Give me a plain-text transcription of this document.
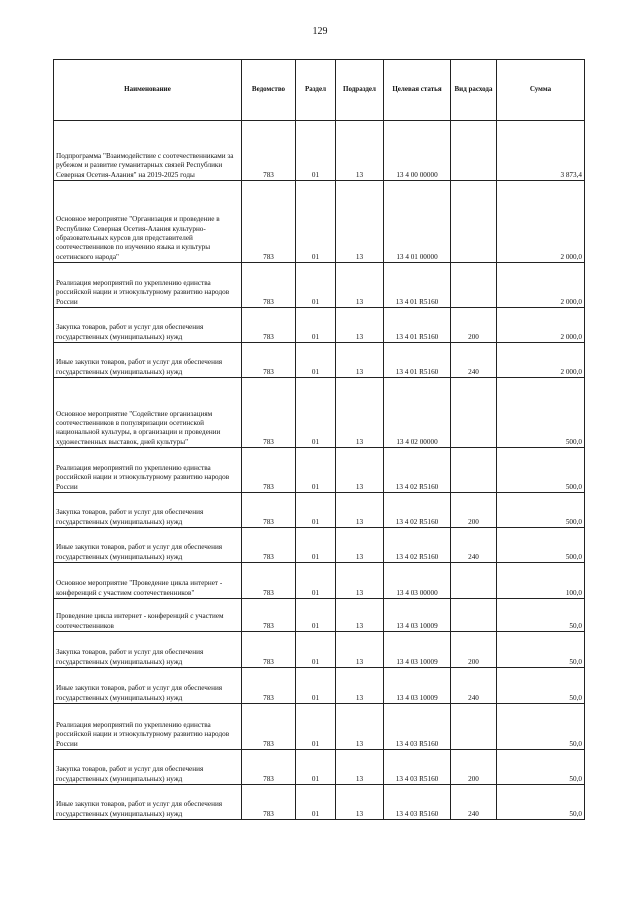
129
Наименование	Ведомство	Раздел	Подраздел	Целевая статья	Вид расхода	Сумма
Подпрограмма "Взаимодействие с соотечественниками за рубежом и развитие гуманитарных связей Республики Северная Осетия-Алания" на 2019-2025 годы	783	01	13	13 4 00 00000		3 873,4
Основное мероприятие "Организация и проведение в Республике Северная Осетия-Алания культурно-образовательных курсов для представителей соотечественников по изучению языка и культуры осетинского народа"	783	01	13	13 4 01 00000		2 000,0
Реализация мероприятий по укреплению единства российской нации и этнокультурному развитию народов России	783	01	13	13 4 01 R5160		2 000,0
Закупка товаров, работ и услуг для обеспечения государственных (муниципальных) нужд	783	01	13	13 4 01 R5160	200	2 000,0
Иные закупки товаров, работ и услуг для обеспечения государственных (муниципальных) нужд	783	01	13	13 4 01 R5160	240	2 000,0
Основное мероприятие "Содействие организациям соотечественников в популяризации осетинской национальной культуры, в организации и проведении художественных выставок, дней культуры"	783	01	13	13 4 02 00000		500,0
Реализация мероприятий по укреплению единства российской нации и этнокультурному развитию народов России	783	01	13	13 4 02 R5160		500,0
Закупка товаров, работ и услуг для обеспечения государственных (муниципальных) нужд	783	01	13	13 4 02 R5160	200	500,0
Иные закупки товаров, работ и услуг для обеспечения государственных (муниципальных) нужд	783	01	13	13 4 02 R5160	240	500,0
Основное мероприятие "Проведение цикла интернет - конференций с участием соотечественников"	783	01	13	13 4 03 00000		100,0
Проведение цикла интернет - конференций с участием соотечественников	783	01	13	13 4 03 10009		50,0
Закупка товаров, работ и услуг для обеспечения государственных (муниципальных) нужд	783	01	13	13 4 03 10009	200	50,0
Иные закупки товаров, работ и услуг для обеспечения государственных (муниципальных) нужд	783	01	13	13 4 03 10009	240	50,0
Реализация мероприятий по укреплению единства российской нации и этнокультурному развитию народов России	783	01	13	13 4 03 R5160		50,0
Закупка товаров, работ и услуг для обеспечения государственных (муниципальных) нужд	783	01	13	13 4 03 R5160	200	50,0
Иные закупки товаров, работ и услуг для обеспечения государственных (муниципальных) нужд	783	01	13	13 4 03 R5160	240	50,0
